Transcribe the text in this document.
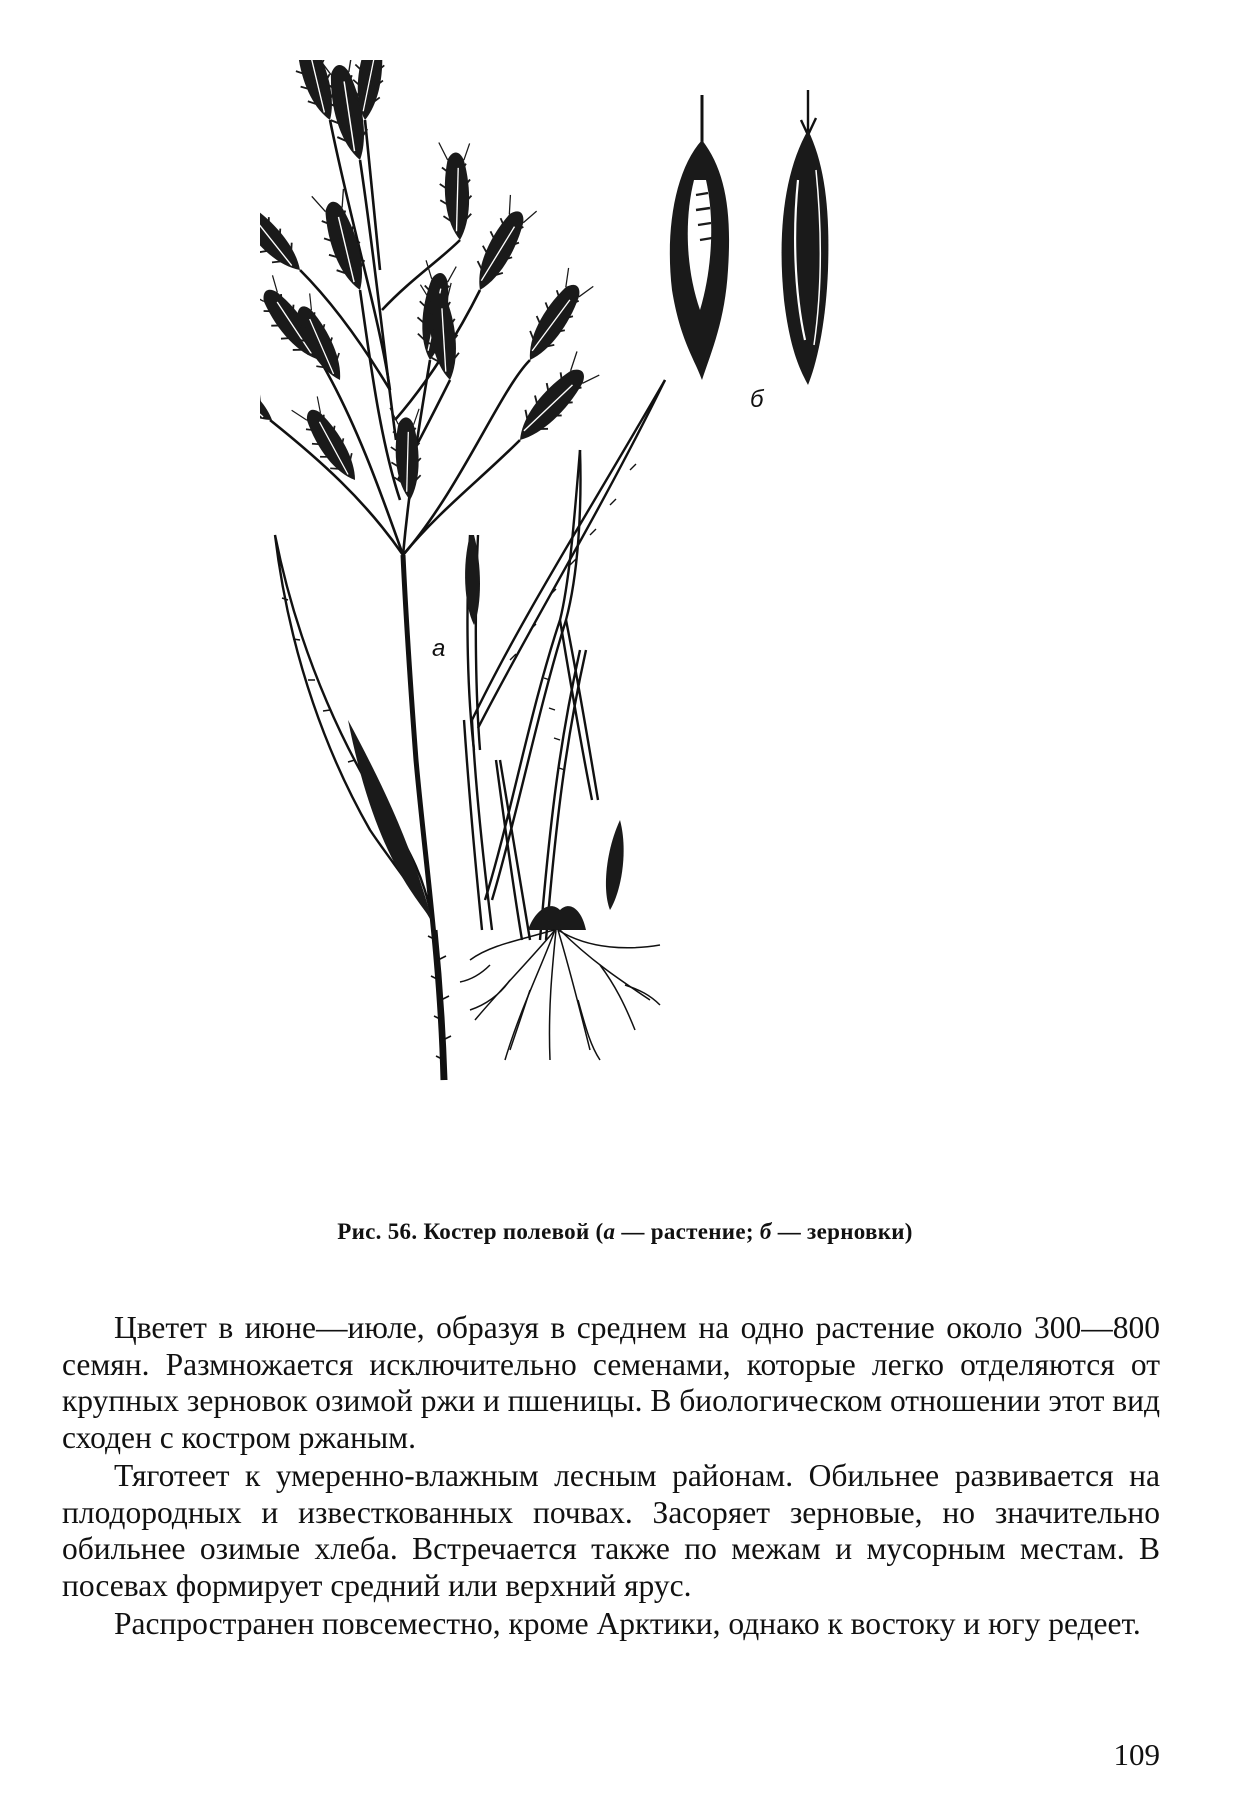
а
б
Рис. 56. Костер полевой (а — растение; б — зерновки)

Цветет в июне—июле, образуя в среднем на одно растение около 300—800 семян. Размножается исключительно семенами, которые легко отделяются от крупных зерновок озимой ржи и пшеницы. В биологическом отношении этот вид сходен с костром ржаным.

Тяготеет к умеренно-влажным лесным районам. Обильнее развивается на плодородных и известкованных почвах. Засоряет зерновые, но значительно обильнее озимые хлеба. Встречается также по межам и мусорным местам. В посевах формирует средний или верхний ярус.

Распространен повсеместно, кроме Арктики, однако к востоку и югу редеет.

109
